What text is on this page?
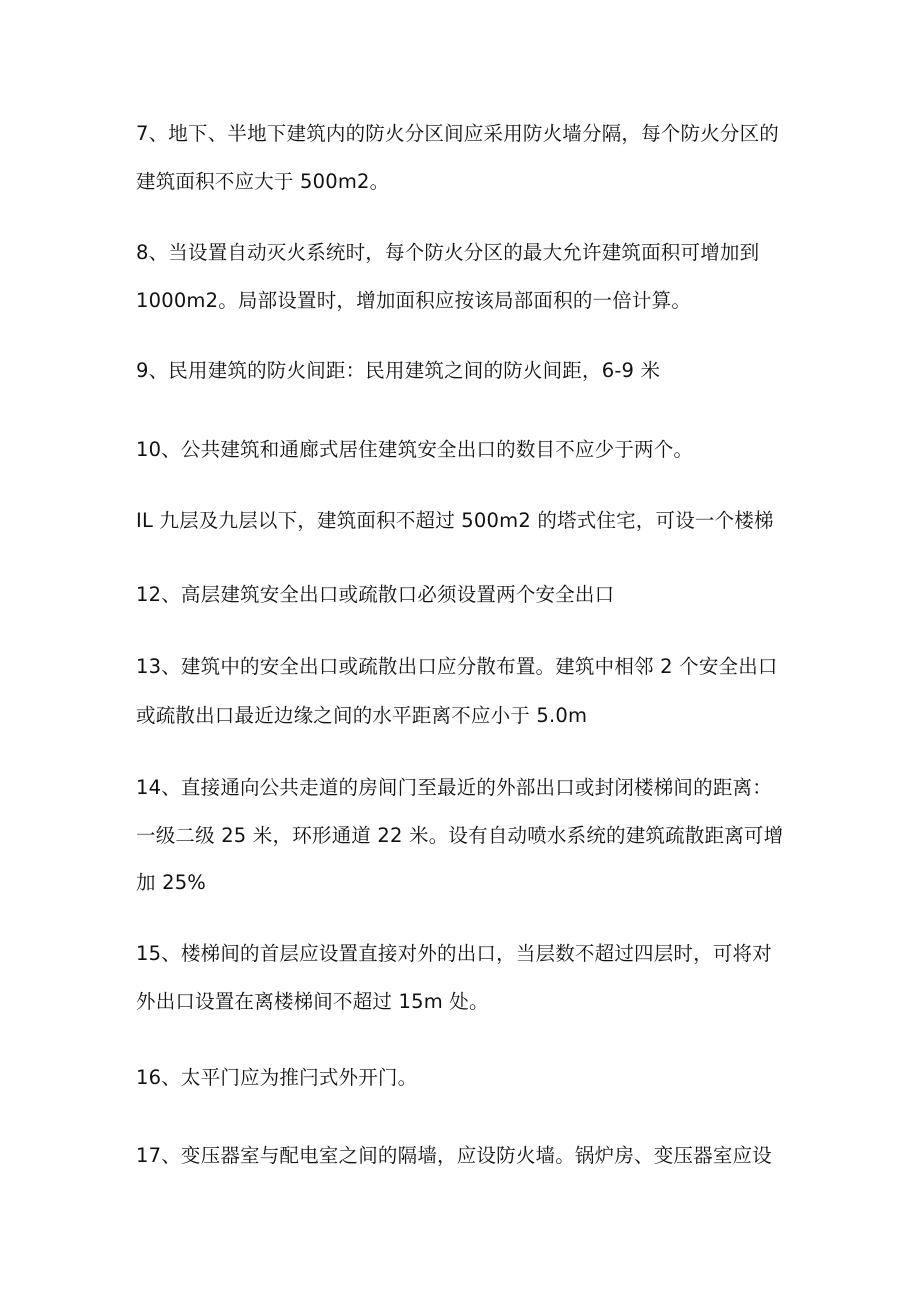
7、地下、半地下建筑内的防火分区间应采用防火墙分隔，每个防火分区的
建筑面积不应大于 500m2。
8、当设置自动灭火系统时，每个防火分区的最大允许建筑面积可增加到
1000m2。局部设置时，增加面积应按该局部面积的一倍计算。
9、民用建筑的防火间距：民用建筑之间的防火间距，6-9 米
10、公共建筑和通廊式居住建筑安全出口的数目不应少于两个。
IL 九层及九层以下，建筑面积不超过 500m2 的塔式住宅，可设一个楼梯
12、高层建筑安全出口或疏散口必须设置两个安全出口
13、建筑中的安全出口或疏散出口应分散布置。建筑中相邻 2 个安全出口
或疏散出口最近边缘之间的水平距离不应小于 5.0m
14、直接通向公共走道的房间门至最近的外部出口或封闭楼梯间的距离：
一级二级 25 米，环形通道 22 米。设有自动喷水系统的建筑疏散距离可增
加 25%
15、楼梯间的首层应设置直接对外的出口，当层数不超过四层时，可将对
外出口设置在离楼梯间不超过 15m 处。
16、太平门应为推闩式外开门。
17、变压器室与配电室之间的隔墙，应设防火墙。锅炉房、变压器室应设
